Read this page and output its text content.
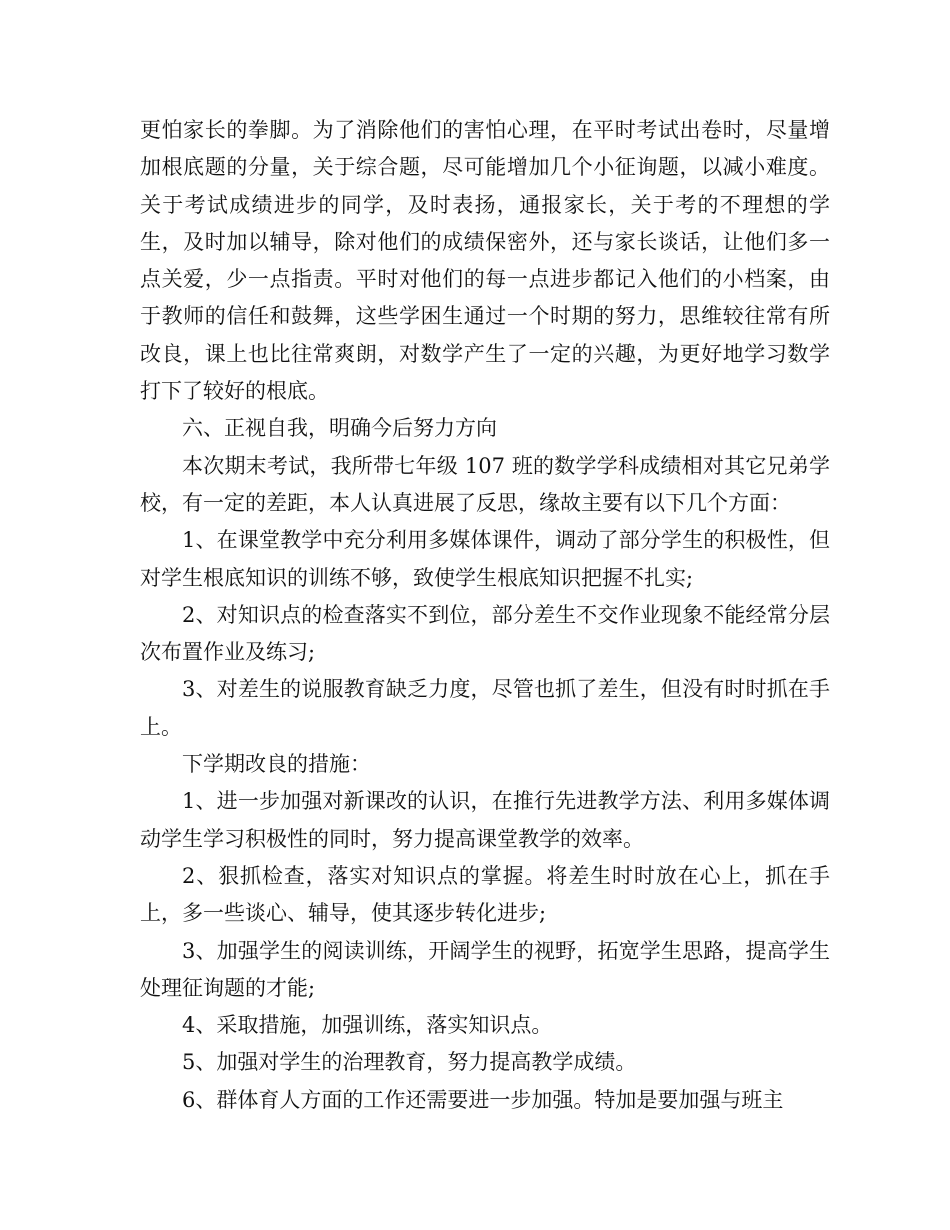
更怕家长的拳脚。为了消除他们的害怕心理，在平时考试出卷时，尽量增加根底题的分量，关于综合题，尽可能增加几个小征询题，以减小难度。关于考试成绩进步的同学，及时表扬，通报家长，关于考的不理想的学生，及时加以辅导，除对他们的成绩保密外，还与家长谈话，让他们多一点关爱，少一点指责。平时对他们的每一点进步都记入他们的小档案，由于教师的信任和鼓舞，这些学困生通过一个时期的努力，思维较往常有所改良，课上也比往常爽朗，对数学产生了一定的兴趣，为更好地学习数学打下了较好的根底。

六、正视自我，明确今后努力方向

本次期末考试，我所带七年级 107 班的数学学科成绩相对其它兄弟学校，有一定的差距，本人认真进展了反思，缘故主要有以下几个方面：

1、在课堂教学中充分利用多媒体课件，调动了部分学生的积极性，但对学生根底知识的训练不够，致使学生根底知识把握不扎实;

2、对知识点的检查落实不到位，部分差生不交作业现象不能经常分层次布置作业及练习;

3、对差生的说服教育缺乏力度，尽管也抓了差生，但没有时时抓在手上。

下学期改良的措施：

1、进一步加强对新课改的认识，在推行先进教学方法、利用多媒体调动学生学习积极性的同时，努力提高课堂教学的效率。

2、狠抓检查，落实对知识点的掌握。将差生时时放在心上，抓在手上，多一些谈心、辅导，使其逐步转化进步;

3、加强学生的阅读训练，开阔学生的视野，拓宽学生思路，提高学生处理征询题的才能;

4、采取措施，加强训练，落实知识点。

5、加强对学生的治理教育，努力提高教学成绩。

6、群体育人方面的工作还需要进一步加强。特加是要加强与班主
